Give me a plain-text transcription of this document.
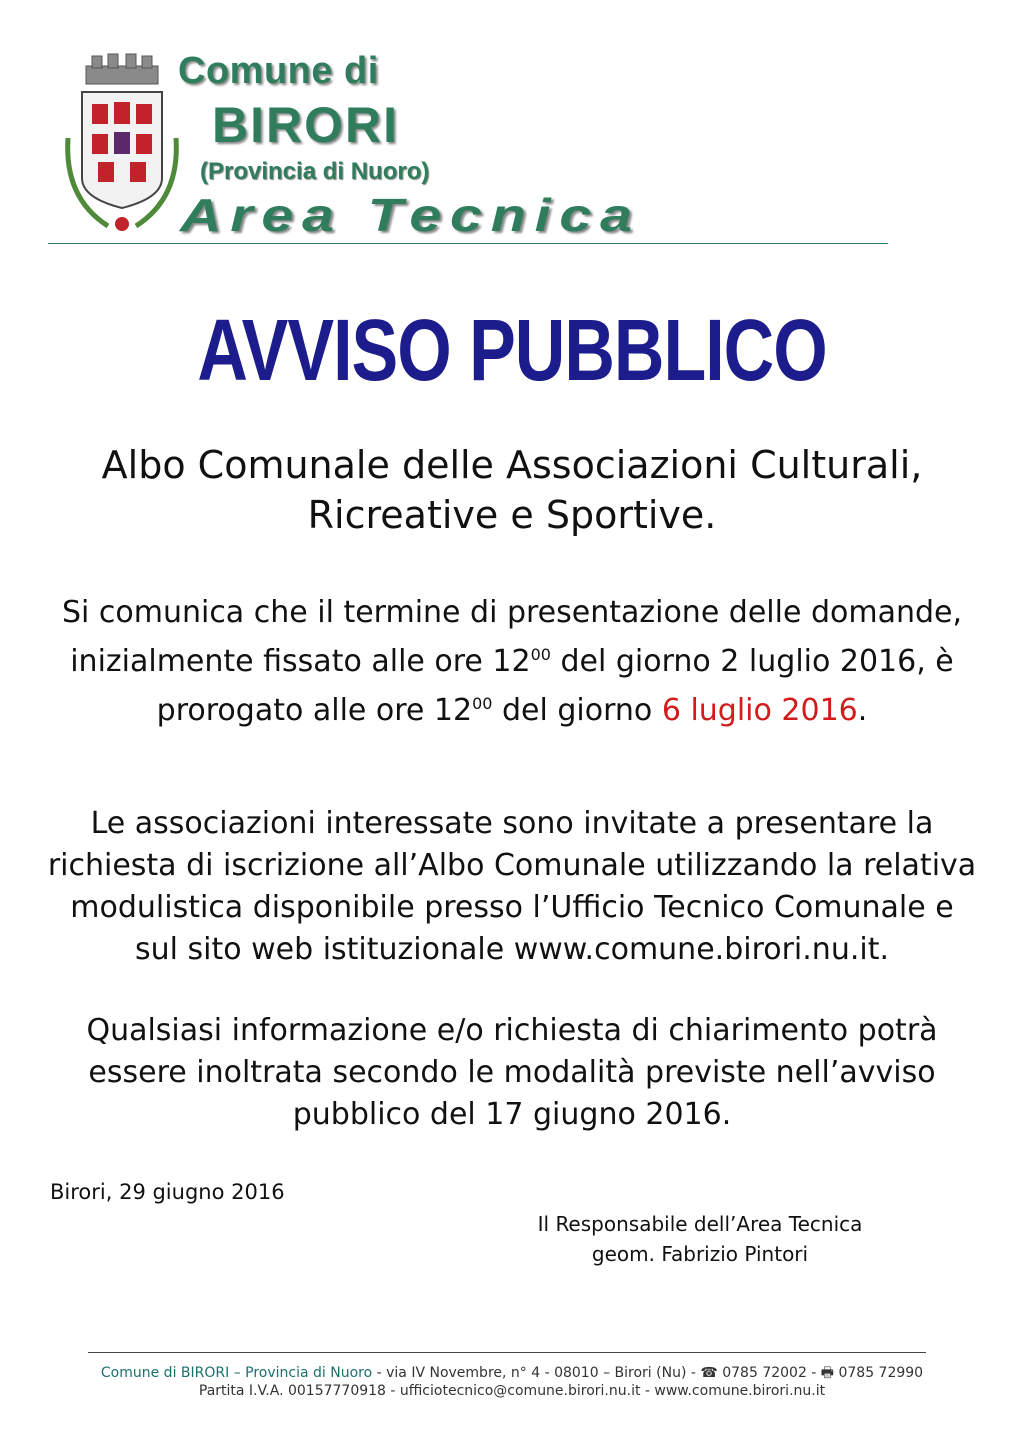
Comune di
BIRORI
(Provincia di Nuoro)
Area Tecnica
AVVISO PUBBLICO
Albo Comunale delle Associazioni Culturali,
Ricreative e Sportive.
Si comunica che il termine di presentazione delle domande,
inizialmente fissato alle ore $12^{00}$ del giorno 2 luglio 2016, è
prorogato alle ore $12^{00}$ del giorno 6 luglio 2016.
Le associazioni interessate sono invitate a presentare la
richiesta di iscrizione all’Albo Comunale utilizzando la relativa
modulistica disponibile presso l’Ufficio Tecnico Comunale e
sul sito web istituzionale www.comune.birori.nu.it.
Qualsiasi informazione e/o richiesta di chiarimento potrà
essere inoltrata secondo le modalità previste nell’avviso
pubblico del 17 giugno 2016.
Birori, 29 giugno 2016
Il Responsabile dell’Area Tecnica
geom. Fabrizio Pintori
Comune di BIRORI – Provincia di Nuoro - via IV Novembre, n° 4 - 08010 – Birori (Nu) - ☎ 0785 72002 - 🖶 0785 72990
Partita I.V.A. 00157770918 - ufficiotecnico@comune.birori.nu.it - www.comune.birori.nu.it
